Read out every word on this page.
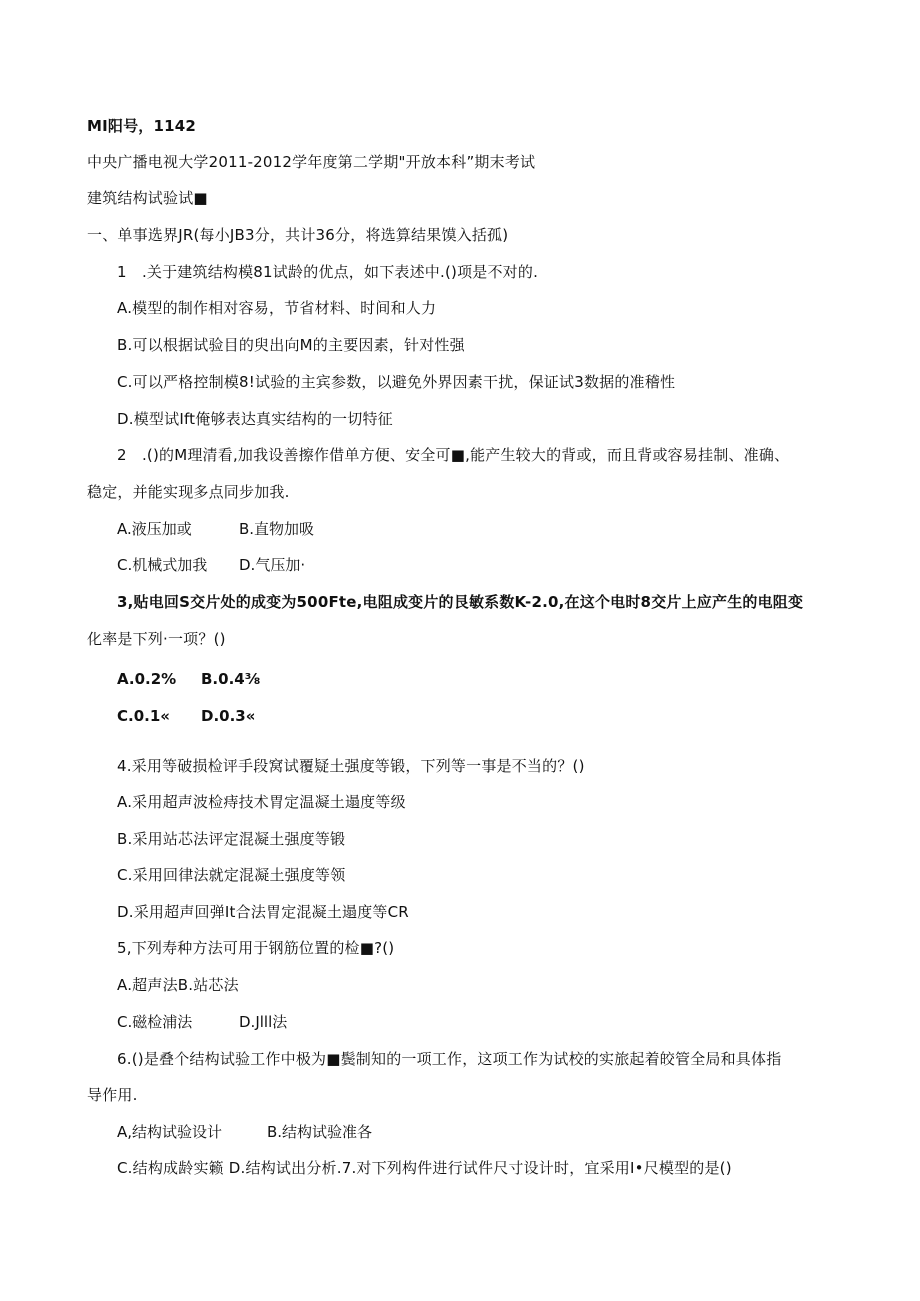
MI阳号，1142
中央广播电视大学2011-2012学年度第二学期"开放本科”期末考试
建筑结构试验试■
一、单事选界JR(每小JB3分，共计36分，将选算结果馍入括孤)
1　.关于建筑结构模81试龄的优点，如下表述中.()项是不对的.
A.模型的制作相对容易，节省材料、时间和人力
B.可以根据试验目的臾出向M的主要因素，针对性强
C.可以严格控制模8!试验的主宾参数，以避免外界因素干扰，保证试3数据的准稽性
D.模型试Ift俺够表达真实结构的一切特征
2　.()的M理清看,加我设善擦作借单方便、安全可■,能产生较大的背或，而且背或容易挂制、准确、
稳定，并能实现多点同步加我.
A.液压加或	B.直物加吸
C.机械式加我 D.气压加·
3,贴电回S交片处的成变为500Fte,电阻成变片的艮敏系数K-2.0,在这个电时8交片上应产生的电阻变
化率是下列·一项？()
A.0.2% B.0.4⅜
C.0.1« D.0.3«
4.采用等破损检评手段窝试覆疑土强度等锻，下列等一事是不当的？()
A.采用超声波检痔技术胃定温凝土遢度等级
B.采用站芯法评定混凝土强度等锻
C.采用回律法就定混凝土强度等领
D.采用超声回弹It合法胃定混凝土遢度等CR
5,下列寿种方法可用于钢筋位置的检■?()
A.超声法B.站芯法
C.磁检浦法	D.Jlll法
6.()是叠个结构试验工作中极为■鬓制知的一项工作，这项工作为试校的实旅起着皎管全局和具体指
导作用.
A,结构试验设计	B.结构试验准各
C.结构成龄实籁 D.结构试出分析.7.对下列构件进行试件尺寸设计时，宜采用I•尺模型的是()
